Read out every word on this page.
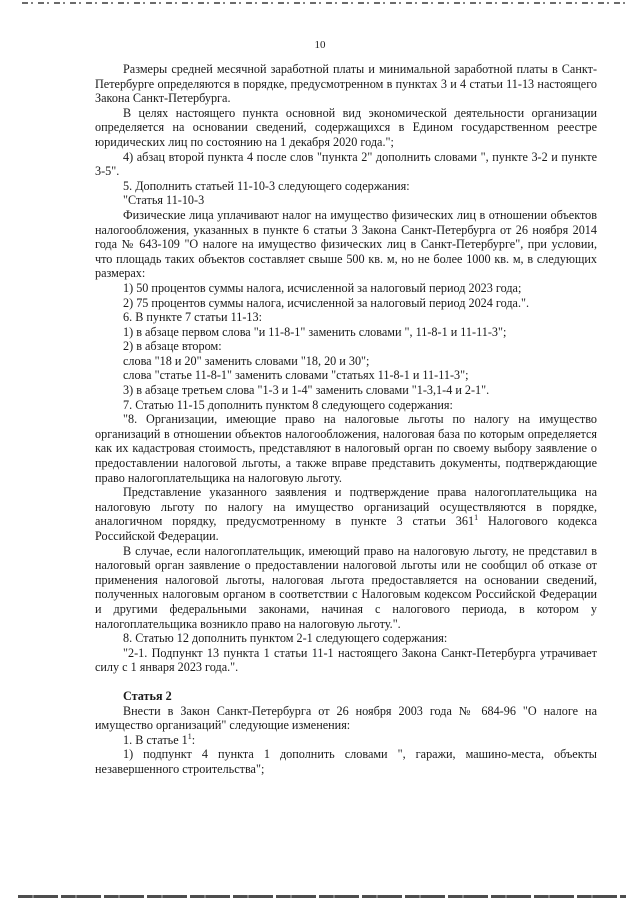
10

Размеры средней месячной заработной платы и минимальной заработной платы в Санкт-Петербурге определяются в порядке, предусмотренном в пунктах 3 и 4 статьи 11-13 настоящего Закона Санкт-Петербурга.

В целях настоящего пункта основной вид экономической деятельности организации определяется на основании сведений, содержащихся в Едином государственном реестре юридических лиц по состоянию на 1 декабря 2020 года.";

4) абзац второй пункта 4 после слов "пункта 2" дополнить словами ", пункте 3-2 и пункте 3-5".

5. Дополнить статьей 11-10-3 следующего содержания:

"Статья 11-10-3

Физические лица уплачивают налог на имущество физических лиц в отношении объектов налогообложения, указанных в пункте 6 статьи 3 Закона Санкт-Петербурга от 26 ноября 2014 года № 643-109 "О налоге на имущество физических лиц в Санкт-Петербурге", при условии, что площадь таких объектов составляет свыше 500 кв. м, но не более 1000 кв. м, в следующих размерах:

1) 50 процентов суммы налога, исчисленной за налоговый период 2023 года;

2) 75 процентов суммы налога, исчисленной за налоговый период 2024 года.".

6. В пункте 7 статьи 11-13:

1) в абзаце первом слова "и 11-8-1" заменить словами ", 11-8-1 и 11-11-3";

2) в абзаце втором:

слова "18 и 20" заменить словами "18, 20 и 30";

слова "статье 11-8-1" заменить словами "статьях 11-8-1 и 11-11-3";

3) в абзаце третьем слова "1-3 и 1-4" заменить словами "1-3,1-4 и 2-1".

7. Статью 11-15 дополнить пунктом 8 следующего содержания:

"8. Организации, имеющие право на налоговые льготы по налогу на имущество организаций в отношении объектов налогообложения, налоговая база по которым определяется как их кадастровая стоимость, представляют в налоговый орган по своему выбору заявление о предоставлении налоговой льготы, а также вправе представить документы, подтверждающие право налогоплательщика на налоговую льготу.

Представление указанного заявления и подтверждение права налогоплательщика на налоговую льготу по налогу на имущество организаций осуществляются в порядке, аналогичном порядку, предусмотренному в пункте 3 статьи $361^1$ Налогового кодекса Российской Федерации.

В случае, если налогоплательщик, имеющий право на налоговую льготу, не представил в налоговый орган заявление о предоставлении налоговой льготы или не сообщил об отказе от применения налоговой льготы, налоговая льгота предоставляется на основании сведений, полученных налоговым органом в соответствии с Налоговым кодексом Российской Федерации и другими федеральными законами, начиная с налогового периода, в котором у налогоплательщика возникло право на налоговую льготу.".

8. Статью 12 дополнить пунктом 2-1 следующего содержания:

"2-1. Подпункт 13 пункта 1 статьи 11-1 настоящего Закона Санкт-Петербурга утрачивает силу с 1 января 2023 года.".

Статья 2

Внести в Закон Санкт-Петербурга от 26 ноября 2003 года № 684-96 "О налоге на имущество организаций" следующие изменения:

1. В статье $1^1$:

1) подпункт 4 пункта 1 дополнить словами ", гаражи, машино-места, объекты незавершенного строительства";
